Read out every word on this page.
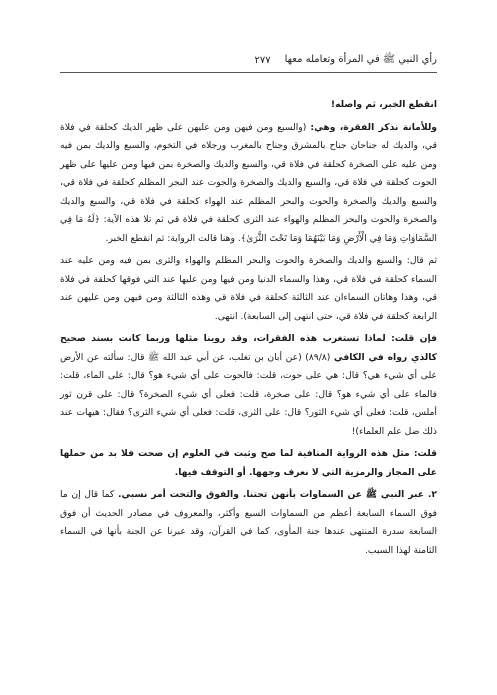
رأي النبي ﷺ في المرأة وتعامله معها
٢٧٧

انقطع الخبر، ثم واصله!

وللأمانة نذكر الفقرة، وهي: (والسبع ومن فيهن ومن عليهن على ظهر الديك كحلقة في فلاة قي، والديك له جناحان جناح بالمشرق وجناح بالمغرب ورجلاه في التخوم، والسبع والديك بمن فيه ومن عليه على الصخرة كحلقة في فلاة قي، والسبع والديك والصخرة بمن فيها ومن عليها على ظهر الحوت كحلقة في فلاة قي، والسبع والديك والصخرة والحوت عند البحر المظلم كحلقة في فلاة قي، والسبع والديك والصخرة والحوت والبحر المظلم عند الهواء كحلقة في فلاة قي، والسبع والديك والصخرة والحوت والبحر المظلم والهواء عند الثرى كحلقة في فلاة قي ثم تلا هذه الآية: ﴿لَهُ مَا فِي السَّمَاوَاتِ وَمَا فِي الْأَرْضِ وَمَا بَيْنَهُمَا وَمَا تَحْتَ الثَّرَىٰ﴾. وهنا قالت الرواية: ثم انقطع الخبر.

ثم قال: والسبع والديك والصخرة والحوت والبحر المظلم والهواء والثرى بمن فيه ومن عليه عند السماء كحلقة في فلاة قي، وهذا والسماء الدنيا ومن فيها ومن عليها عند التي فوقها كحلقة في فلاة قي، وهذا وهاتان السماءان عند الثالثة كحلقة في فلاة قي وهذه الثالثة ومن فيهن ومن عليهن عند الرابعة كحلقة في فلاة قي، حتى انتهى إلى السابعة). انتهى.

فإن قلت: لماذا تستغرب هذه الفقرات، وقد روينا مثلها وربما كانت بسند صحيح كالذي رواه في الكافي (٨٩/٨) (عن أبان بن تغلب، عن أبي عبد الله ﷺ قال: سألته عن الأرض على أي شيء هي؟ قال: هي على حوت، قلت: فالحوت على أي شيء هو؟ قال: على الماء، قلت: فالماء على أي شيء هو؟ قال: على صخرة، قلت: فعلى أي شيء الصخرة؟ قال: على قرن ثور أملس، قلت: فعلى أي شيء الثور؟ قال: على الثرى، قلت: فعلى أي شيء الثرى؟ فقال: هيهات عند ذلك ضل علم العلماء)!

قلت: مثل هذه الرواية المنافية لما صح وثبت في العلوم إن صحت فلا بد من حملها على المجاز والرمزية التي لا نعرف وجهها. أو التوقف فيها.

٢. عبر النبي ﷺ عن السماوات بأنهن تحتنا. والفوق والتحت أمر نسبي. كما قال إن ما فوق السماء السابعة أعظم من السماوات السبع وأكثر، والمعروف في مصادر الحديث أن فوق السابعة سدرة المنتهى عندها جنة المأوى، كما في القرآن، وقد عبرنا عن الجنة بأنها في السماء الثامنة لهذا السبب.
